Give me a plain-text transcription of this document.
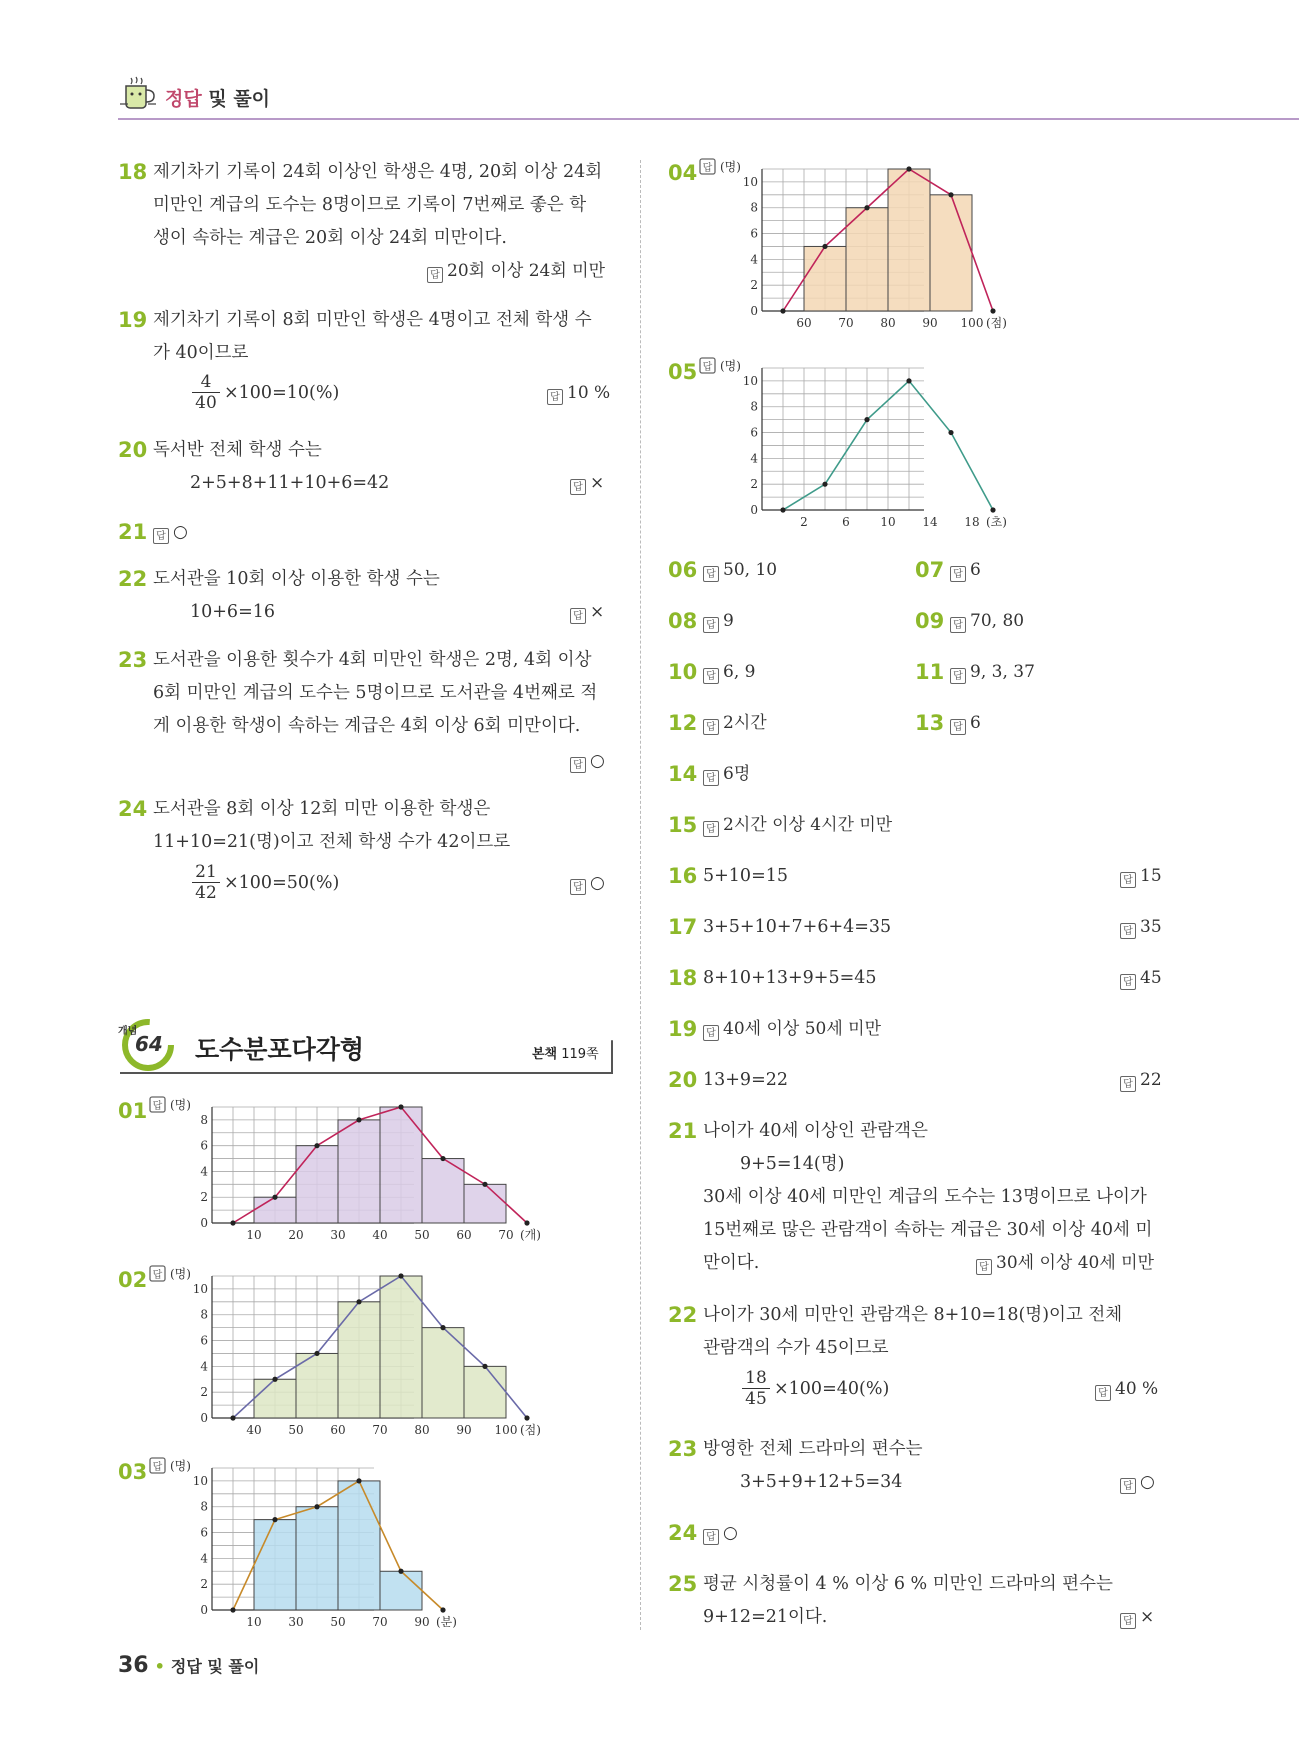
정답 및 풀이
18 제기차기 기록이 24회 이상인 학생은 4명, 20회 이상 24회
미만인 계급의 도수는 8명이므로 기록이 7번째로 좋은 학
생이 속하는 계급은 20회 이상 24회 미만이다.
답 20회 이상 24회 미만
19 제기차기 기록이 8회 미만인 학생은 4명이고 전체 학생 수
가 40이므로
$\frac{4}{40} \times 100=10(\%)$	답 10 %
20 독서반 전체 학생 수는
2+5+8+11+10+6=42	답 ×
21 답 ○
22 도서관을 10회 이상 이용한 학생 수는
10+6=16	답 ×
23 도서관을 이용한 횟수가 4회 미만인 학생은 2명, 4회 이상
6회 미만인 계급의 도수는 5명이므로 도서관을 4번째로 적
게 이용한 학생이 속하는 계급은 4회 이상 6회 미만이다.
답 ○
24 도서관을 8회 이상 12회 미만 이용한 학생은
11+10=21(명)이고 전체 학생 수가 42이므로
$\frac{21}{42} \times 100=50(\%)$	답 ○
개념
64 도수분포다각형	본책 119쪽
01 답 (명)
0
2
4
6
8
10 20 30 40 50 60 70 (개)
02 답 (명)
0
2
4
6
8
10
40 50 60 70 80 90 100 (점)
03 답 (명)
0
2
4
6
8
10
10 30 50 70 90 (분)
04 답 (명)
0
2
4
6
8
10
60 70 80 90 100 (점)
05 답 (명)
0
2
4
6
8
10
2	6	10 14 18 (초)
06 답 50, 10	07 답 6
08 답 9	09 답 70, 80
10 답 6, 9	11 답 9, 3, 37
12 답 2시간	13 답 6
14 답 6명
15 답 2시간 이상 4시간 미만
16 5+10=15	답 15
17 3+5+10+7+6+4=35	답 35
18 8+10+13+9+5=45	답 45
19 답 40세 이상 50세 미만
20 13+9=22	답 22
21 나이가 40세 이상인 관람객은
9+5=14(명)
30세 이상 40세 미만인 계급의 도수는 13명이므로 나이가
15번째로 많은 관람객이 속하는 계급은 30세 이상 40세 미
만이다.	답 30세 이상 40세 미만
22 나이가 30세 미만인 관람객은 8+10=18(명)이고 전체
관람객의 수가 45이므로
$\frac{18}{45} \times 100=40(\%)$	답 40 %
23 방영한 전체 드라마의 편수는
3+5+9+12+5=34	답 ○
24 답 ○
25 평균 시청률이 4 % 이상 6 % 미만인 드라마의 편수는
9+12=21이다.	답 ×
36 • 정답 및 풀이
